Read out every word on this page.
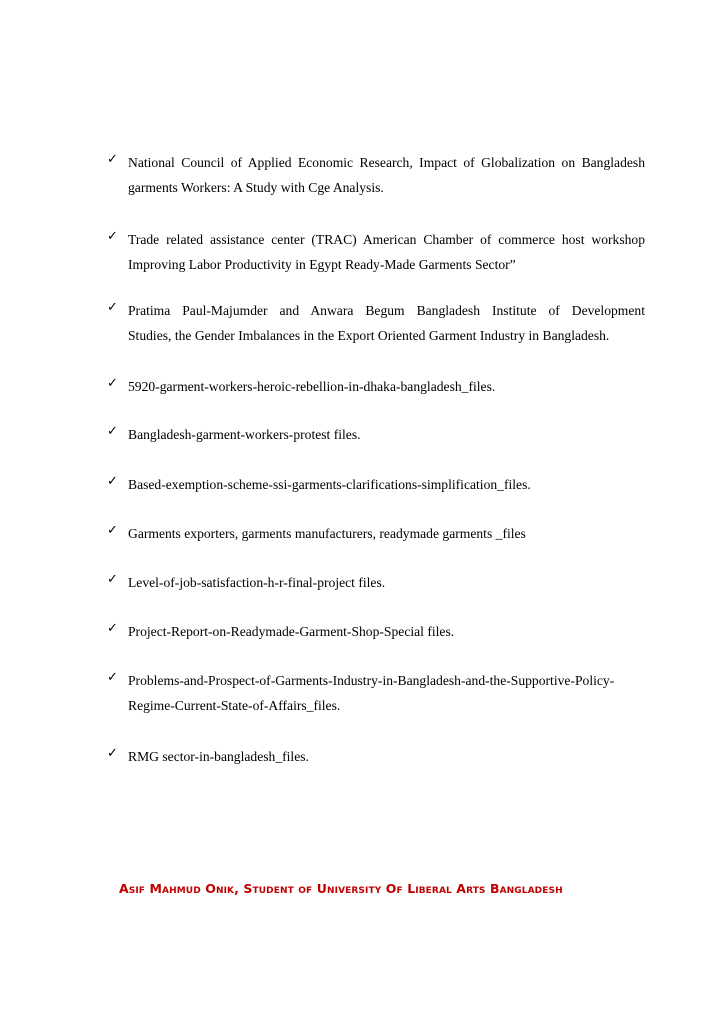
✓ National Council of Applied Economic Research, Impact of Globalization on Bangladesh
garments Workers: A Study with Cge Analysis.
✓ Trade related assistance center (TRAC) American Chamber of commerce host workshop
Improving Labor Productivity in Egypt Ready-Made Garments Sector”
✓ Pratima Paul-Majumder and Anwara Begum Bangladesh Institute of Development
Studies, the Gender Imbalances in the Export Oriented Garment Industry in Bangladesh.
✓ 5920-garment-workers-heroic-rebellion-in-dhaka-bangladesh_files.
✓ Bangladesh-garment-workers-protest files.
✓ Based-exemption-scheme-ssi-garments-clarifications-simplification_files.
✓ Garments exporters, garments manufacturers, readymade garments _files
✓ Level-of-job-satisfaction-h-r-final-project files.
✓ Project-Report-on-Readymade-Garment-Shop-Special files.
✓ Problems-and-Prospect-of-Garments-Industry-in-Bangladesh-and-the-Supportive-Policy-
Regime-Current-State-of-Affairs_files.
✓ RMG sector-in-bangladesh_files.
Asif Mahmud Onik, Student of University Of Liberal Arts Bangladesh
